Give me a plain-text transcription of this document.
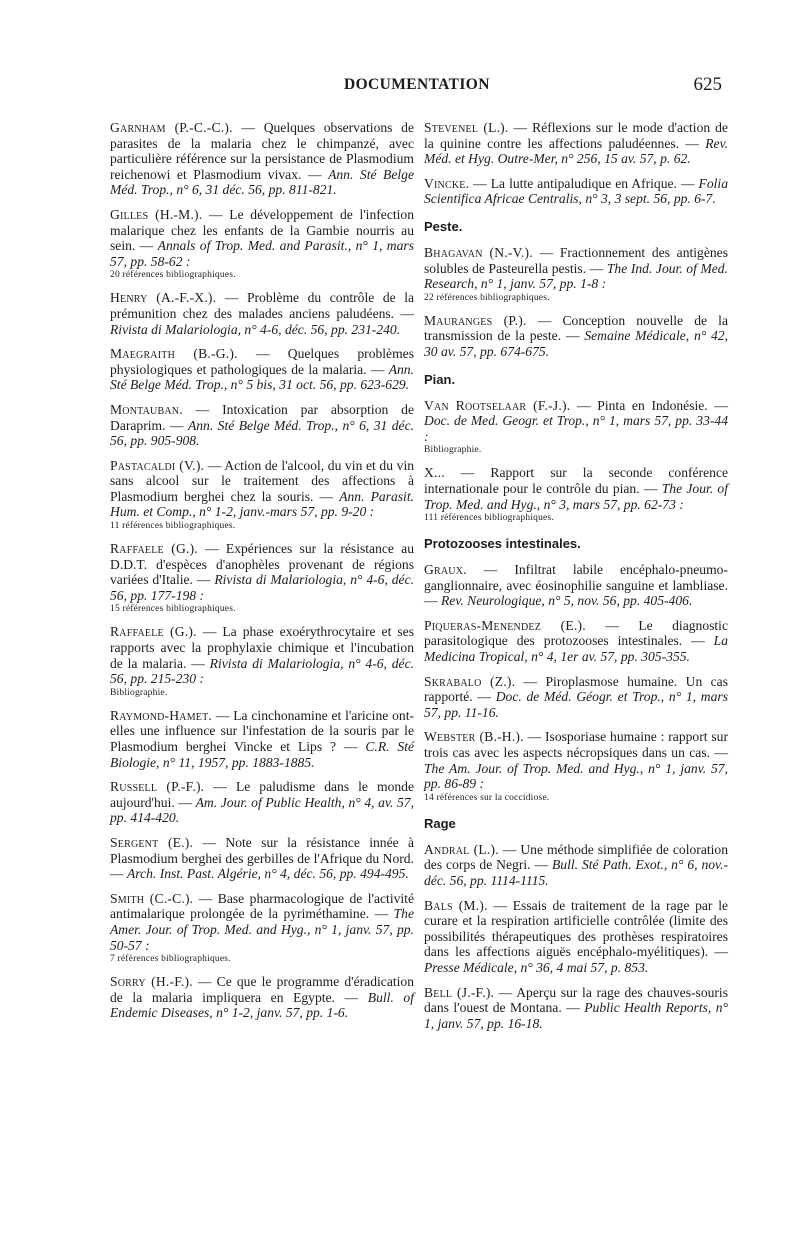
DOCUMENTATION	625

Garnham (P.-C.-C.). — Quelques observations de parasites de la malaria chez le chimpanzé, avec particulière référence sur la persistance de Plasmodium reichenowi et Plasmodium vivax. — Ann. Sté Belge Méd. Trop., n° 6, 31 déc. 56, pp. 811-821.

Gilles (H.-M.). — Le développement de l'infection malarique chez les enfants de la Gambie nourris au sein. — Annals of Trop. Med. and Parasit., n° 1, mars 57, pp. 58-62 :
20 références bibliographiques.

Henry (A.-F.-X.). — Problème du contrôle de la prémunition chez des malades anciens paludéens. — Rivista di Malariologia, n° 4-6, déc. 56, pp. 231-240.

Maegraith (B.-G.). — Quelques problèmes physiologiques et pathologiques de la malaria. — Ann. Sté Belge Méd. Trop., n° 5 bis, 31 oct. 56, pp. 623-629.

Montauban. — Intoxication par absorption de Daraprim. — Ann. Sté Belge Méd. Trop., n° 6, 31 déc. 56, pp. 905-908.

Pastacaldi (V.). — Action de l'alcool, du vin et du vin sans alcool sur le traitement des affections à Plasmodium berghei chez la souris. — Ann. Parasit. Hum. et Comp., n° 1-2, janv.-mars 57, pp. 9-20 :
11 références bibliographiques.

Raffaele (G.). — Expériences sur la résistance au D.D.T. d'espèces d'anophèles provenant de régions variées d'Italie. — Rivista di Malariologia, n° 4-6, déc. 56, pp. 177-198 :
15 références bibliographiques.

Raffaele (G.). — La phase exoérythrocytaire et ses rapports avec la prophylaxie chimique et l'incubation de la malaria. — Rivista di Malariologia, n° 4-6, déc. 56, pp. 215-230 :
Bibliographie.

Raymond-Hamet. — La cinchonamine et l'aricine ont-elles une influence sur l'infestation de la souris par le Plasmodium berghei Vincke et Lips ? — C.R. Sté Biologie, n° 11, 1957, pp. 1883-1885.

Russell (P.-F.). — Le paludisme dans le monde aujourd'hui. — Am. Jour. of Public Health, n° 4, av. 57, pp. 414-420.

Sergent (E.). — Note sur la résistance innée à Plasmodium berghei des gerbilles de l'Afrique du Nord. — Arch. Inst. Past. Algérie, n° 4, déc. 56, pp. 494-495.

Smith (C.-C.). — Base pharmacologique de l'activité antimalarique prolongée de la pyriméthamine. — The Amer. Jour. of Trop. Med. and Hyg., n° 1, janv. 57, pp. 50-57 :
7 références bibliographiques.

Sorry (H.-F.). — Ce que le programme d'éradication de la malaria impliquera en Egypte. — Bull. of Endemic Diseases, n° 1-2, janv. 57, pp. 1-6.

Stevenel (L.). — Réflexions sur le mode d'action de la quinine contre les affections paludéennes. — Rev. Méd. et Hyg. Outre-Mer, n° 256, 15 av. 57, p. 62.

Vincke. — La lutte antipaludique en Afrique. — Folia Scientifica Africae Centralis, n° 3, 3 sept. 56, pp. 6-7.

Peste.

Bhagavan (N.-V.). — Fractionnement des antigènes solubles de Pasteurella pestis. — The Ind. Jour. of Med. Research, n° 1, janv. 57, pp. 1-8 :
22 références bibliographiques.

Mauranges (P.). — Conception nouvelle de la transmission de la peste. — Semaine Médicale, n° 42, 30 av. 57, pp. 674-675.

Pian.

Van Rootselaar (F.-J.). — Pinta en Indonésie. — Doc. de Med. Geogr. et Trop., n° 1, mars 57, pp. 33-44 :
Bibliographie.

X... — Rapport sur la seconde conférence internationale pour le contrôle du pian. — The Jour. of Trop. Med. and Hyg., n° 3, mars 57, pp. 62-73 :
111 références bibliographiques.

Protozooses intestinales.

Graux. — Infiltrat labile encéphalo-pneumo-ganglionnaire, avec éosinophilie sanguine et lambliase. — Rev. Neurologique, n° 5, nov. 56, pp. 405-406.

Piqueras-Menendez (E.). — Le diagnostic parasitologique des protozooses intestinales. — La Medicina Tropical, n° 4, 1er av. 57, pp. 305-355.

Skrabalo (Z.). — Piroplasmose humaine. Un cas rapporté. — Doc. de Méd. Géogr. et Trop., n° 1, mars 57, pp. 11-16.

Webster (B.-H.). — Isosporiase humaine : rapport sur trois cas avec les aspects nécropsiques dans un cas. — The Am. Jour. of Trop. Med. and Hyg., n° 1, janv. 57, pp. 86-89 :
14 références sur la coccidiose.

Rage

Andral (L.). — Une méthode simplifiée de coloration des corps de Negri. — Bull. Sté Path. Exot., n° 6, nov.-déc. 56, pp. 1114-1115.

Bals (M.). — Essais de traitement de la rage par le curare et la respiration artificielle contrôlée (limite des possibilités thérapeutiques des prothèses respiratoires dans les affections aiguës encéphalo-myélitiques). — Presse Médicale, n° 36, 4 mai 57, p. 853.

Bell (J.-F.). — Aperçu sur la rage des chauves-souris dans l'ouest de Montana. — Public Health Reports, n° 1, janv. 57, pp. 16-18.
